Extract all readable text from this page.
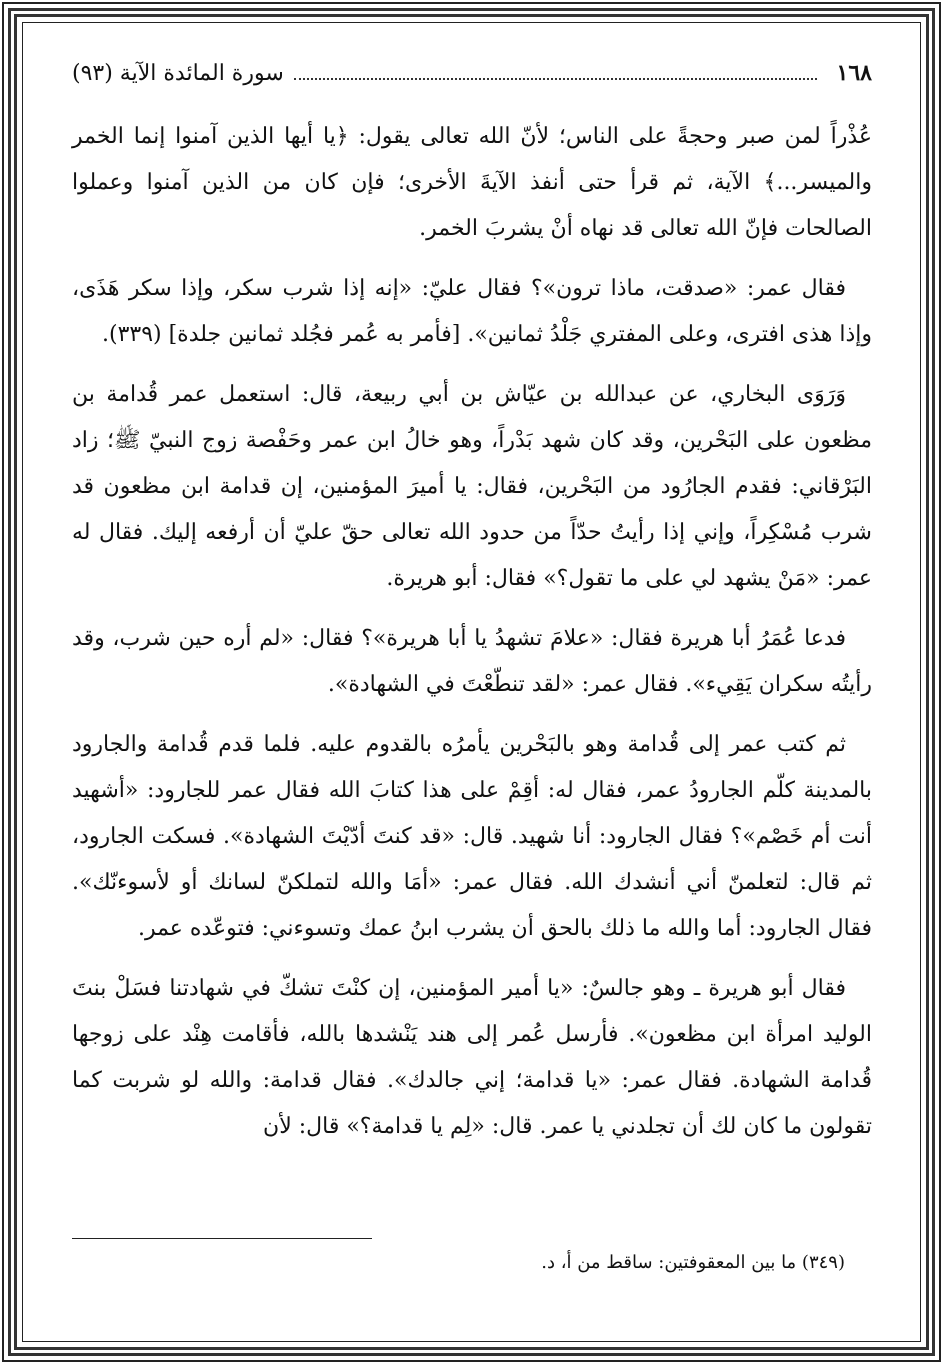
١٦٨
سورة المائدة الآية (٩٣)

عُذْراً لمن صبر وحجةً على الناس؛ لأنّ الله تعالى يقول: ﴿يا أيها الذين آمنوا إنما الخمر والميسر...﴾ الآية، ثم قرأ حتى أنفذ الآيةَ الأخرى؛ فإن كان من الذين آمنوا وعملوا الصالحات فإنّ الله تعالى قد نهاه أنْ يشربَ الخمر.

فقال عمر: «صدقت، ماذا ترون»؟ فقال عليّ: «إنه إذا شرب سكر، وإذا سكر هَذَى، وإذا هذى افترى، وعلى المفتري جَلْدُ ثمانين». [فأمر به عُمر فجُلد ثمانين جلدة] (٣٣٩).

وَرَوَى البخاري، عن عبدالله بن عيّاش بن أبي ربيعة، قال: استعمل عمر قُدامة بن مظعون على البَحْرين، وقد كان شهد بَدْراً، وهو خالُ ابن عمر وحَفْصة زوج النبيّ ﷺ؛ زاد البَرْقاني: فقدم الجارُود من البَحْرين، فقال: يا أميرَ المؤمنين، إن قدامة ابن مظعون قد شرب مُسْكِراً، وإني إذا رأيتُ حدّاً من حدود الله تعالى حقّ عليّ أن أرفعه إليك. فقال له عمر: «مَنْ يشهد لي على ما تقول؟» فقال: أبو هريرة.

فدعا عُمَرُ أبا هريرة فقال: «علامَ تشهدُ يا أبا هريرة»؟ فقال: «لم أره حين شرب، وقد رأيتُه سكران يَقِيء». فقال عمر: «لقد تنطّعْتَ في الشهادة».

ثم كتب عمر إلى قُدامة وهو بالبَحْرين يأمرُه بالقدوم عليه. فلما قدم قُدامة والجارود بالمدينة كلّم الجارودُ عمر، فقال له: أقِمْ على هذا كتابَ الله فقال عمر للجارود: «أشهيد أنت أم خَصْم»؟ فقال الجارود: أنا شهيد. قال: «قد كنتَ أدّيْتَ الشهادة». فسكت الجارود، ثم قال: لتعلمنّ أني أنشدك الله. فقال عمر: «أمَا والله لتملكنّ لسانك أو لأسوءنّك». فقال الجارود: أما والله ما ذلك بالحق أن يشرب ابنُ عمك وتسوءني: فتوعّده عمر.

فقال أبو هريرة ـ وهو جالسٌ: «يا أمير المؤمنين، إن كنْتَ تشكّ في شهادتنا فسَلْ بنتَ الوليد امرأة ابن مظعون». فأرسل عُمر إلى هند يَنْشدها بالله، فأقامت هِنْد على زوجها قُدامة الشهادة. فقال عمر: «يا قدامة؛ إني جالدك». فقال قدامة: والله لو شربت كما تقولون ما كان لك أن تجلدني يا عمر. قال: «لِم يا قدامة؟» قال: لأن

(٣٤٩) ما بين المعقوفتين: ساقط من أ، د.
